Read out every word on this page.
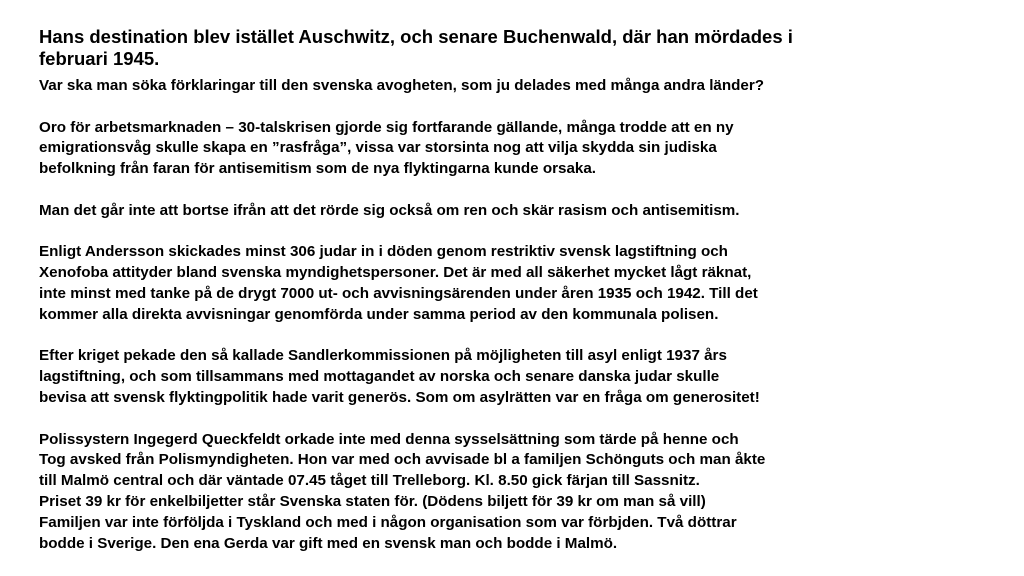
Hans destination blev istället Auschwitz, och senare Buchenwald, där han mördades i
februari 1945.

Var ska man söka förklaringar till den svenska avogheten, som ju delades med många andra länder?

Oro för arbetsmarknaden – 30-talskrisen gjorde sig fortfarande gällande, många trodde att en ny
emigrationsvåg skulle skapa en ”rasfråga”, vissa var storsinta nog att vilja skydda sin judiska
befolkning från faran för antisemitism som de nya flyktingarna kunde orsaka.

Man det går inte att bortse ifrån att det rörde sig också om ren och skär rasism och antisemitism.

Enligt Andersson skickades minst 306 judar in i döden genom restriktiv svensk lagstiftning och
Xenofoba attityder bland svenska myndighetspersoner. Det är med all säkerhet mycket lågt räknat,
inte minst med tanke på de drygt 7000 ut- och avvisningsärenden under åren 1935 och 1942. Till det
kommer alla direkta avvisningar genomförda under samma period av den kommunala polisen.

Efter kriget pekade den så kallade Sandlerkommissionen på möjligheten till asyl enligt 1937 års
lagstiftning, och som tillsammans med mottagandet av norska och senare danska judar skulle
bevisa att svensk flyktingpolitik hade varit generös. Som om asylrätten var en fråga om generositet!

Polissystern Ingegerd Queckfeldt orkade inte med denna sysselsättning som tärde på henne och
Tog avsked från Polismyndigheten. Hon var med och avvisade bl a familjen Schönguts och man åkte
till Malmö central och där väntade 07.45 tåget till Trelleborg. Kl. 8.50 gick färjan till Sassnitz.
Priset 39 kr för enkelbiljetter står Svenska staten för. (Dödens biljett för 39 kr om man så vill)
Familjen var inte förföljda i Tyskland och med i någon organisation som var förbjden. Två döttrar
bodde i Sverige. Den ena Gerda var gift med en svensk man och bodde i Malmö.
